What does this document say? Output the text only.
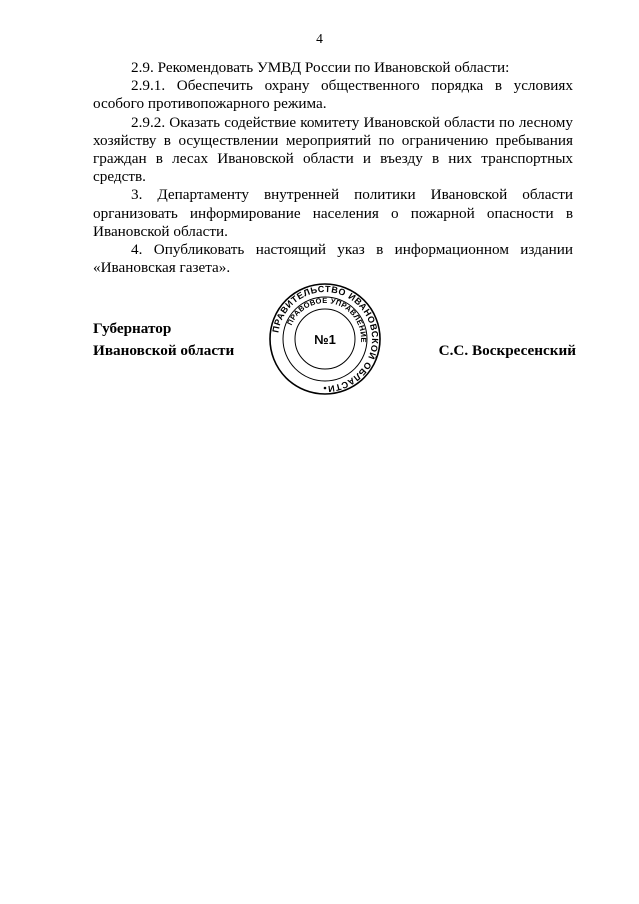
4

2.9. Рекомендовать УМВД России по Ивановской области:

2.9.1. Обеспечить охрану общественного порядка в условиях особого противопожарного режима.

2.9.2. Оказать содействие комитету Ивановской области по лесному хозяйству в осуществлении мероприятий по ограничению пребывания граждан в лесах Ивановской области и въезду в них транспортных средств.

3. Департаменту внутренней политики Ивановской области организовать информирование населения о пожарной опасности в Ивановской области.

4. Опубликовать настоящий указ в информационном издании «Ивановская газета».

Губернатор
Ивановской области	С.С. Воскресенский
ПРАВИТЕЛЬСТВО ИВАНОВСКОЙ ОБЛАСТИ
ПРАВОВОЕ УПРАВЛЕНИЕ
№1
